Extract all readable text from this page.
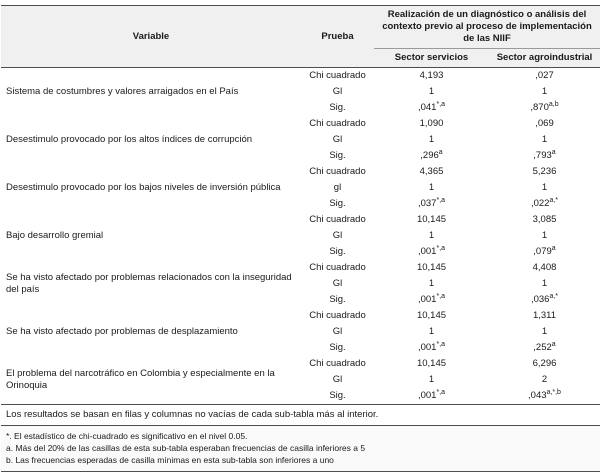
Variable	Prueba	Realización de un diagnóstico o análisis del contexto previo al proceso de implementación de las NIIF	
		Sector servicios	Sector agroindustrial
Sistema de costumbres y valores arraigados en el País	Chi cuadrado	4,193	,027
	Gl	1	1
	Sig.	$,041^{*,a}$	,870$^{a,b}$
Desestimulo provocado por los altos índices de corrupción	Chi cuadrado	1,090	,069
	Gl	1	1
	Sig.	,296$^a$	,793$^a$
Desestimulo provocado por los bajos niveles de inversión pública	Chi cuadrado	4,365	5,236
	gl	1	1
	Sig.	$,037^{*,a}$	$,022^{a,*}$
Bajo desarrollo gremial	Chi cuadrado	10,145	3,085
	Gl	1	1
	Sig.	$,001^{*,a}$	,079$^a$
Se ha visto afectado por problemas relacionados con la inseguridad del país	Chi cuadrado	10,145	4,408
	Gl	1	1
	Sig.	$,001^{*,a}$	$,036^{a,*}$
Se ha visto afectado por problemas de desplazamiento	Chi cuadrado	10,145	1,311
	Gl	1	1
	Sig.	$,001^{*,a}$	,252$^a$
El problema del narcotráfico en Colombia y especialmente en la Orinoquia	Chi cuadrado	10,145	6,296
	Gl	1	2
	Sig.	$,001^{*,a}$	$,043^{a,*,b}$
Los resultados se basan en filas y columnas no vacías de cada sub-tabla más al interior.
*. El estadístico de chi-cuadrado es significativo en el nivel 0.05.
a. Más del 20% de las casillas de esta sub-tabla esperaban frecuencias de casilla inferiores a 5
b. Las frecuencias esperadas de casilla mínimas en esta sub-tabla son inferiores a uno
